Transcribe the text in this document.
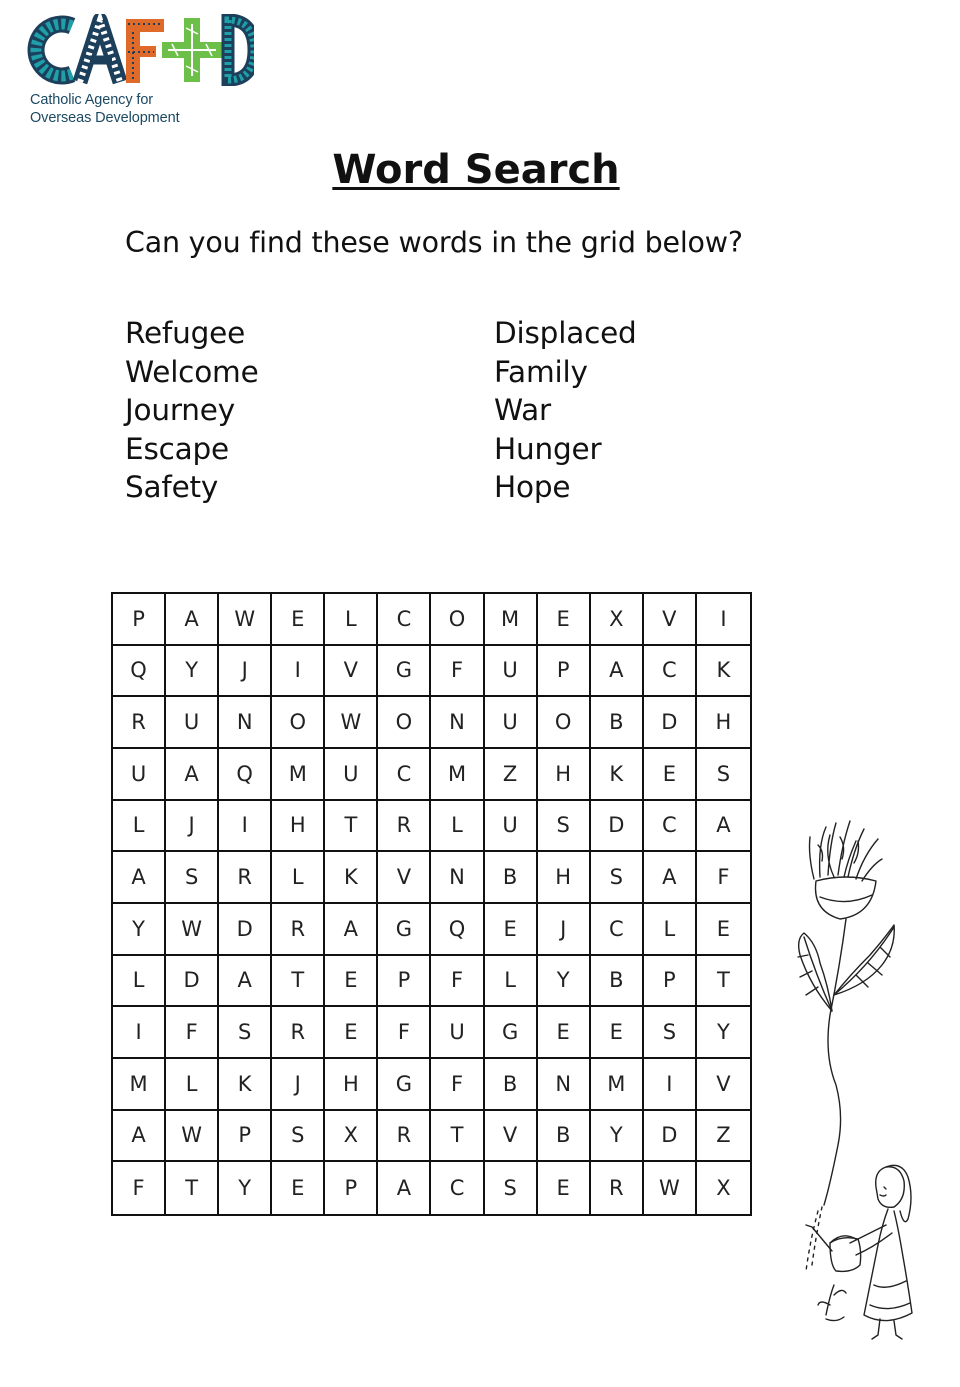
Catholic Agency for
Overseas Development
Word Search
Can you find these words in the grid below?
Refugee
Welcome
Journey
Escape
Safety
Displaced
Family
War
Hunger
Hope
P	A	W	E	L	C	O	M	E	X	V	I
Q	Y	J	I	V	G	F	U	P	A	C	K
R	U	N	O	W	O	N	U	O	B	D	H
U	A	Q	M	U	C	M	Z	H	K	E	S
L	J	I	H	T	R	L	U	S	D	C	A
A	S	R	L	K	V	N	B	H	S	A	F
Y	W	D	R	A	G	Q	E	J	C	L	E
L	D	A	T	E	P	F	L	Y	B	P	T
I	F	S	R	E	F	U	G	E	E	S	Y
M	L	K	J	H	G	F	B	N	M	I	V
A	W	P	S	X	R	T	V	B	Y	D	Z
F	T	Y	E	P	A	C	S	E	R	W	X
